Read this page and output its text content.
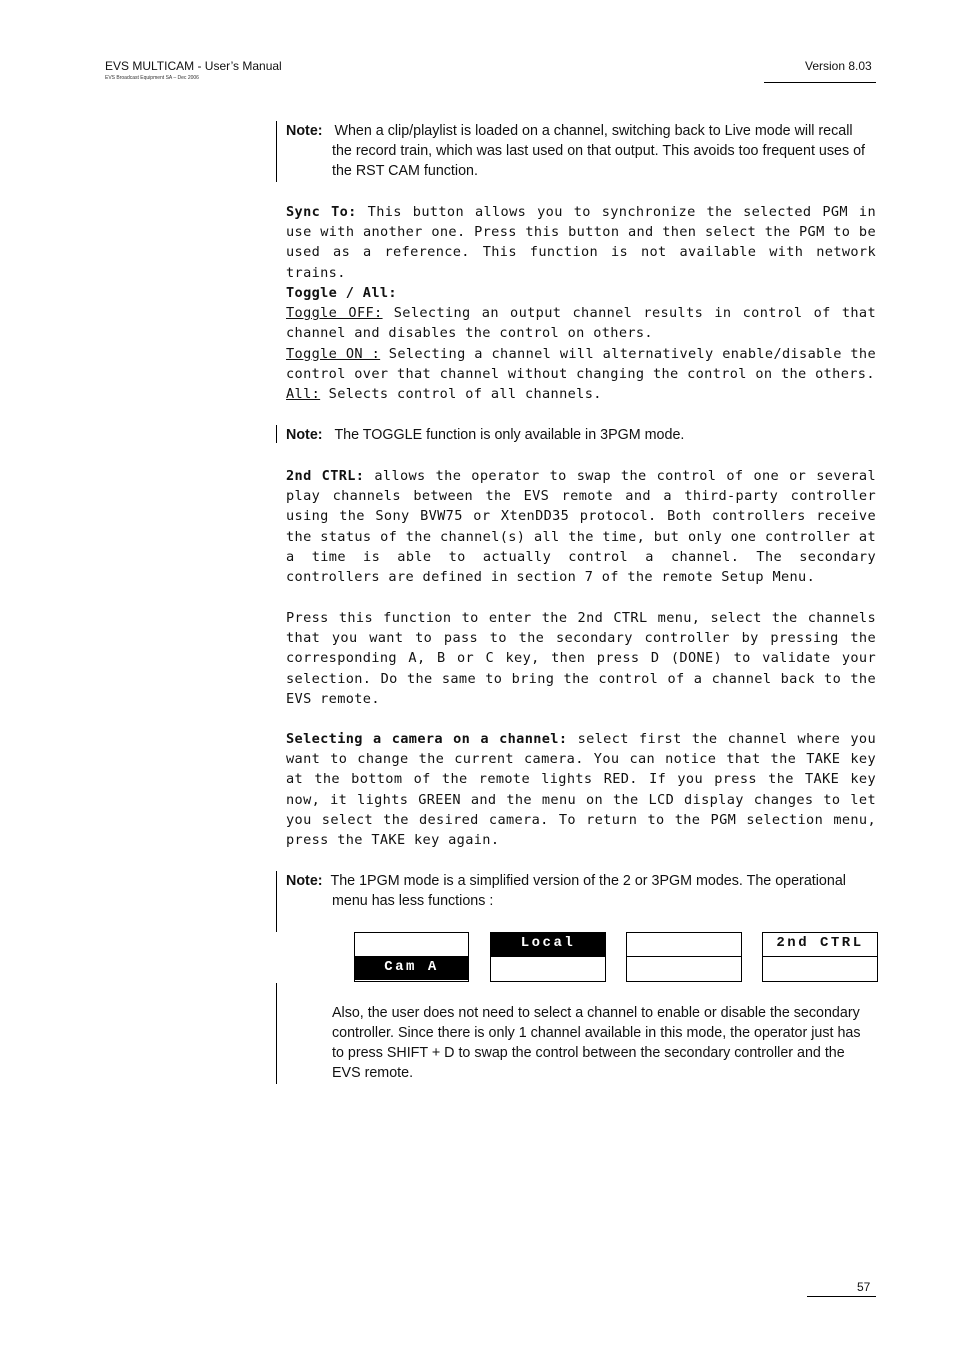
EVS MULTICAM - User’s Manual
EVS Broadcast Equipment SA – Dec 2006
Version 8.03
Note: When a clip/playlist is loaded on a channel, switching back to Live mode will recall
the record train, which was last used on that output. This avoids too frequent uses of
the RST CAM function.

Sync To: This button allows you to synchronize the selected PGM in use with another one. Press this button and then select the PGM to be used as a reference. This function is not available with network trains.

Toggle / All:

Toggle OFF: Selecting an output channel results in control of that channel and disables the control on others.

Toggle ON : Selecting a channel will alternatively enable/disable the control over that channel without changing the control on the others.

All: Selects control of all channels.

Note: The TOGGLE function is only available in 3PGM mode.

2nd CTRL: allows the operator to swap the control of one or several play channels between the EVS remote and a third-party controller using the Sony BVW75 or XtenDD35 protocol. Both controllers receive the status of the channel(s) all the time, but only one controller at a time is able to actually control a channel. The secondary controllers are defined in section 7 of the remote Setup Menu.

Press this function to enter the 2nd CTRL menu, select the channels that you want to pass to the secondary controller by pressing the corresponding A, B or C key, then press D (DONE) to validate your selection. Do the same to bring the control of a channel back to the EVS remote.

Selecting a camera on a channel: select first the channel where you want to change the current camera. You can notice that the TAKE key at the bottom of the remote lights RED. If you press the TAKE key now, it lights GREEN and the menu on the LCD display changes to let you select the desired camera. To return to the PGM selection menu, press the TAKE key again.

Note: The 1PGM mode is a simplified version of the 2 or 3PGM modes. The operational
menu has less functions :
Cam A
Local	2nd CTRL
Also, the user does not need to select a channel to enable or disable the secondary
controller. Since there is only 1 channel available in this mode, the operator just has
to press SHIFT + D to swap the control between the secondary controller and the
EVS remote.
57
